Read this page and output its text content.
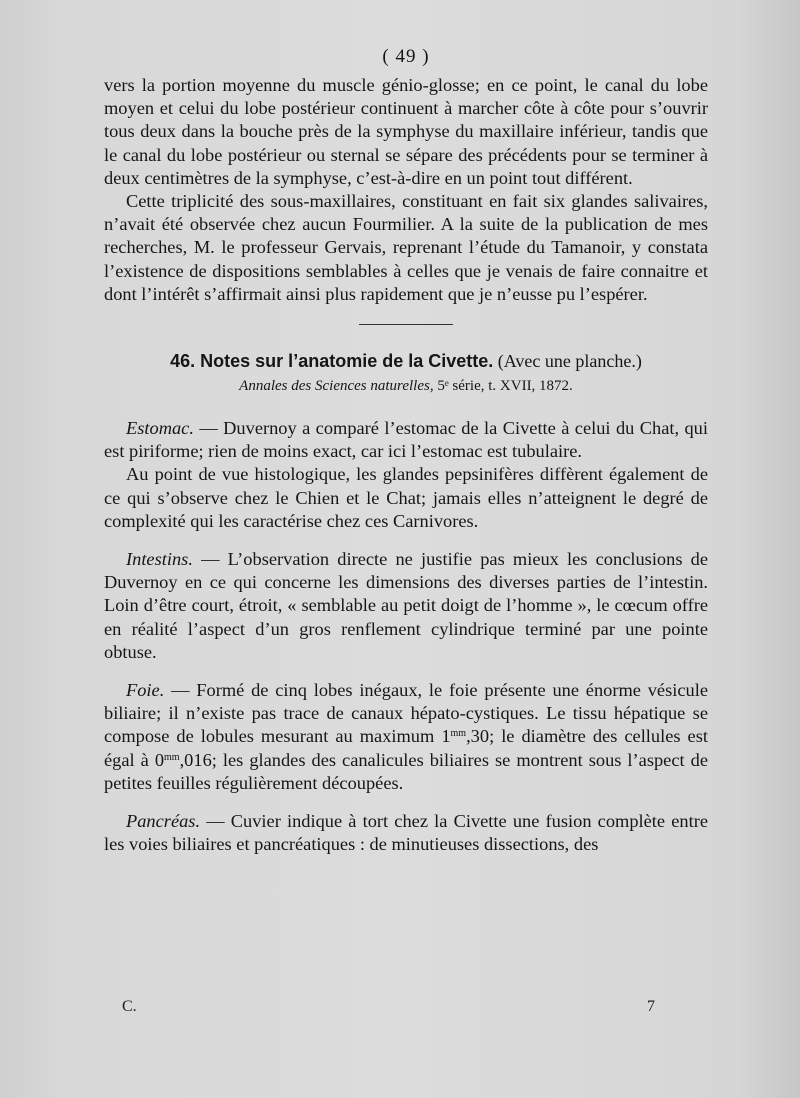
( 49 )

vers la portion moyenne du muscle génio-glosse; en ce point, le canal du lobe moyen et celui du lobe postérieur continuent à marcher côte à côte pour s’ouvrir tous deux dans la bouche près de la symphyse du maxillaire inférieur, tandis que le canal du lobe postérieur ou sternal se sépare des précédents pour se terminer à deux centimètres de la symphyse, c’est-à-dire en un point tout différent.

Cette triplicité des sous-maxillaires, constituant en fait six glandes salivaires, n’avait été observée chez aucun Fourmilier. A la suite de la publication de mes recherches, M. le professeur Gervais, reprenant l’étude du Tamanoir, y constata l’existence de dispositions semblables à celles que je venais de faire connaitre et dont l’intérêt s’affirmait ainsi plus rapidement que je n’eusse pu l’espérer.

46. Notes sur l’anatomie de la Civette. (Avec une planche.)
Annales des Sciences naturelles, 5ᵉ série, t. XVII, 1872.

Estomac. — Duvernoy a comparé l’estomac de la Civette à celui du Chat, qui est piriforme; rien de moins exact, car ici l’estomac est tubulaire.

Au point de vue histologique, les glandes pepsinifères diffèrent également de ce qui s’observe chez le Chien et le Chat; jamais elles n’atteignent le degré de complexité qui les caractérise chez ces Carnivores.

Intestins. — L’observation directe ne justifie pas mieux les conclusions de Duvernoy en ce qui concerne les dimensions des diverses parties de l’intestin. Loin d’être court, étroit, « semblable au petit doigt de l’homme », le cœcum offre en réalité l’aspect d’un gros renflement cylindrique terminé par une pointe obtuse.

Foie. — Formé de cinq lobes inégaux, le foie présente une énorme vésicule biliaire; il n’existe pas trace de canaux hépato-cystiques. Le tissu hépatique se compose de lobules mesurant au maximum $1^{mm},30$; le diamètre des cellules est égal à $0^{mm},016$; les glandes des canalicules biliaires se montrent sous l’aspect de petites feuilles régulièrement découpées.

Pancréas. — Cuvier indique à tort chez la Civette une fusion complète entre les voies biliaires et pancréatiques : de minutieuses dissections, des

C.	7
